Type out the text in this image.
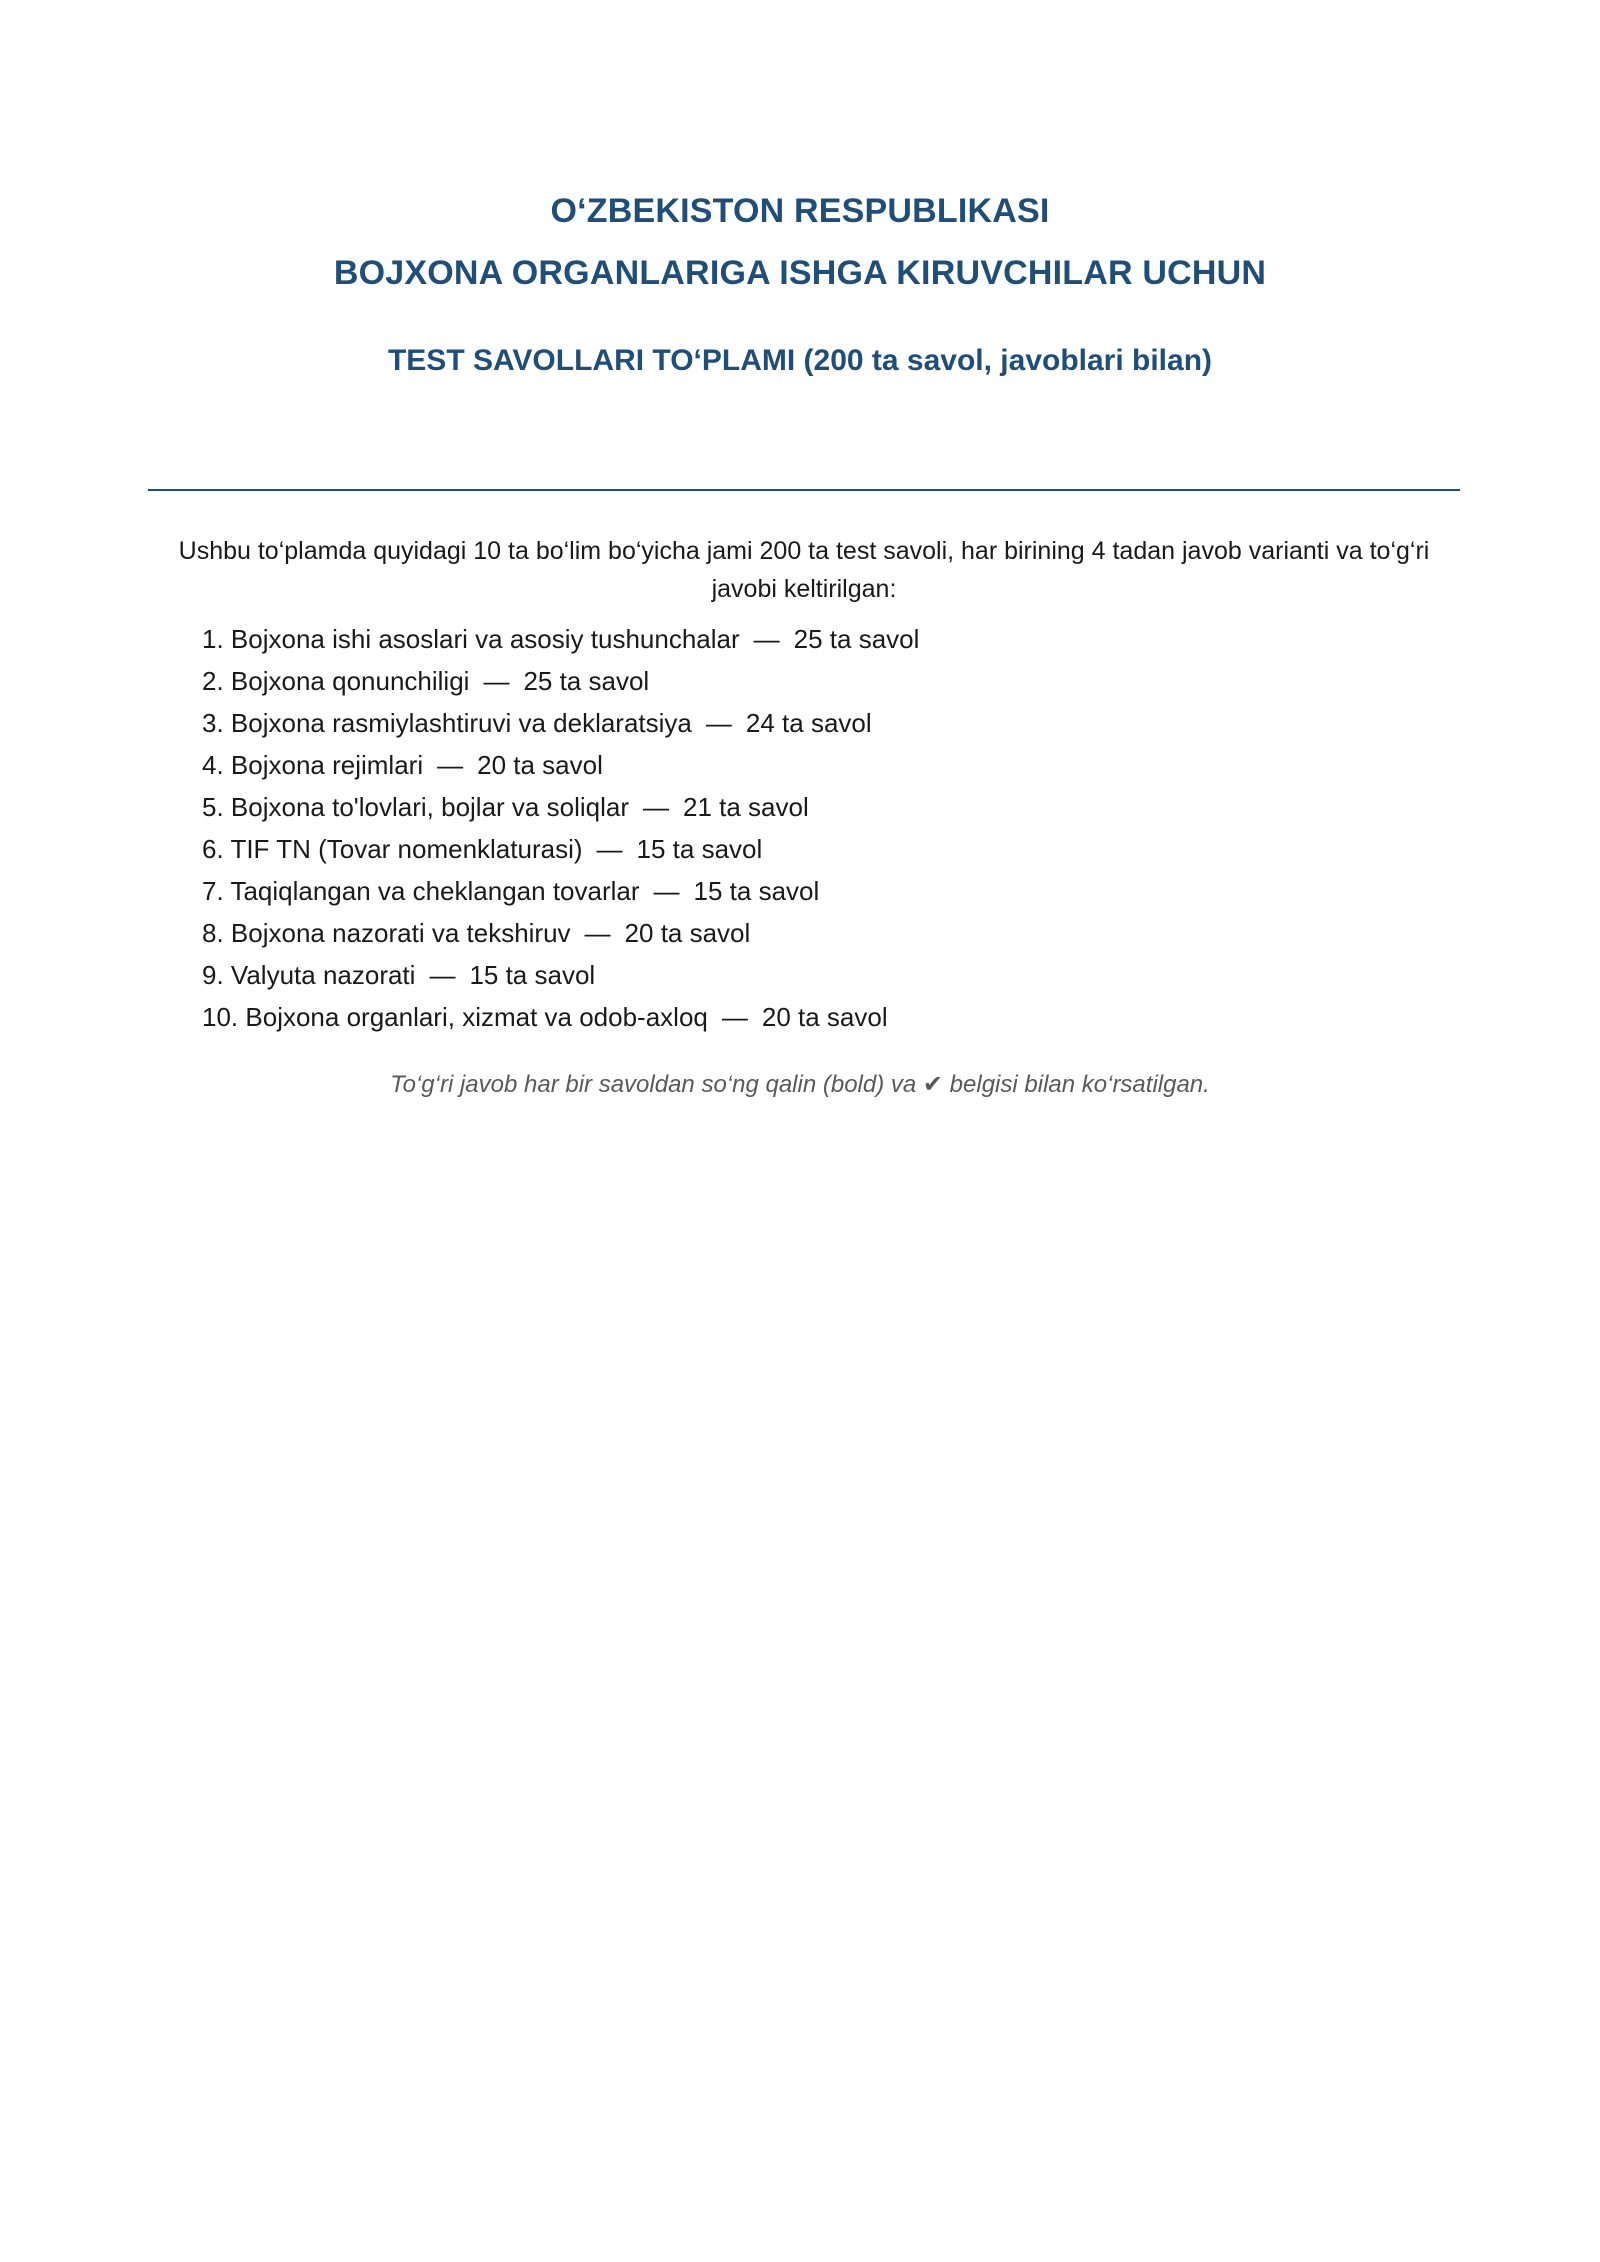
O‘ZBEKISTON RESPUBLIKASI
BOJXONA ORGANLARIGA ISHGA KIRUVCHILAR UCHUN
TEST SAVOLLARI TO‘PLAMI (200 ta savol, javoblari bilan)
Ushbu to‘plamda quyidagi 10 ta bo‘lim bo‘yicha jami 200 ta test savoli, har birining 4 tadan javob varianti va to‘g‘ri javobi keltirilgan:
1. Bojxona ishi asoslari va asosiy tushunchalar — 25 ta savol
2. Bojxona qonunchiligi — 25 ta savol
3. Bojxona rasmiylashtiruvi va deklaratsiya — 24 ta savol
4. Bojxona rejimlari — 20 ta savol
5. Bojxona to'lovlari, bojlar va soliqlar — 21 ta savol
6. TIF TN (Tovar nomenklaturasi) — 15 ta savol
7. Taqiqlangan va cheklangan tovarlar — 15 ta savol
8. Bojxona nazorati va tekshiruv — 20 ta savol
9. Valyuta nazorati — 15 ta savol
10. Bojxona organlari, xizmat va odob-axloq — 20 ta savol
To‘g‘ri javob har bir savoldan so‘ng qalin (bold) va ✔ belgisi bilan ko‘rsatilgan.
